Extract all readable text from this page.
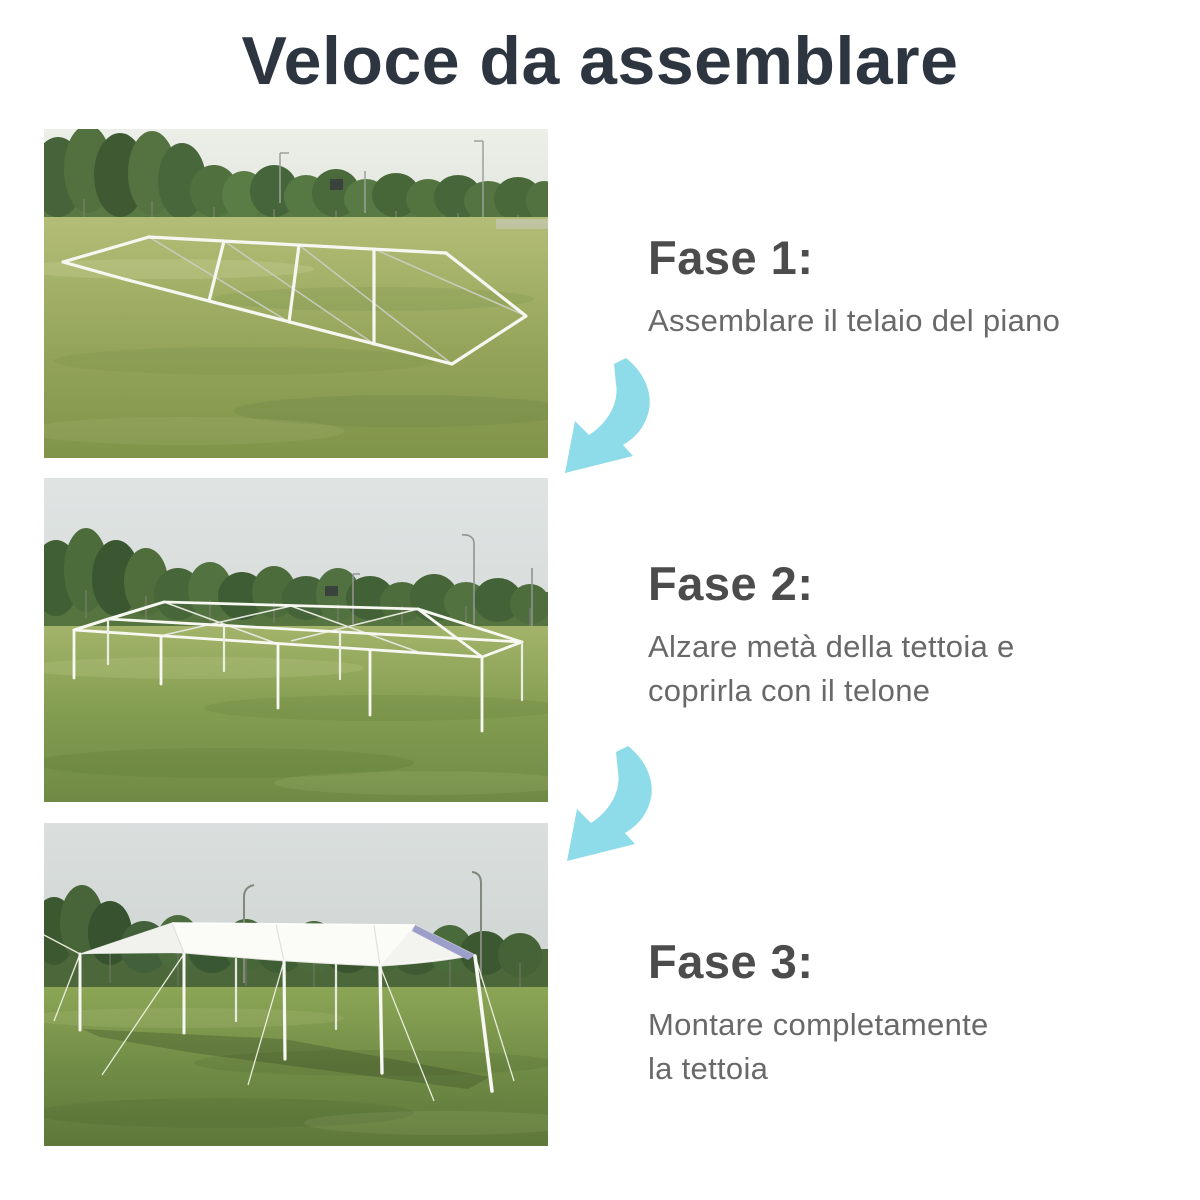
Veloce da assemblare
Fase 1:
Assemblare il telaio del piano
Fase 2:
Alzare metà della tettoia e
coprirla con il telone
Fase 3:
Montare completamente
la tettoia
